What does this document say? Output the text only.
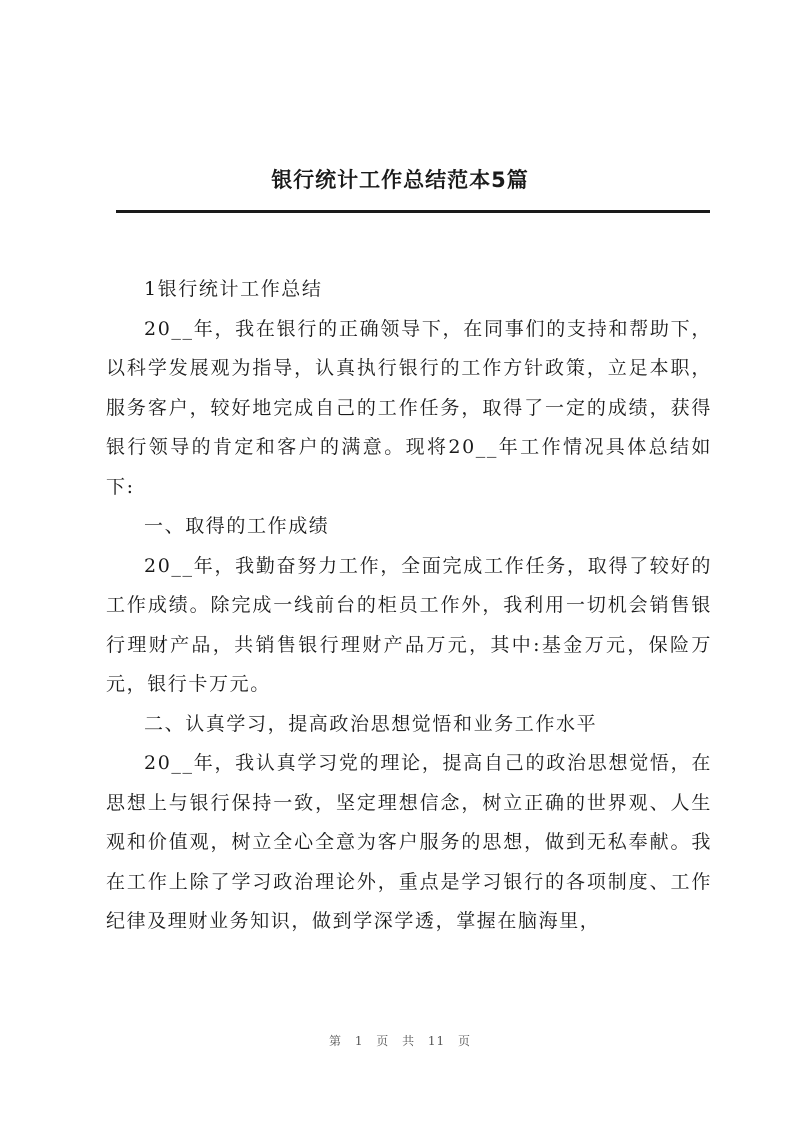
银行统计工作总结范本5篇

1银行统计工作总结

20__年，我在银行的正确领导下，在同事们的支持和帮助下，以科学发展观为指导，认真执行银行的工作方针政策，立足本职，服务客户，较好地完成自己的工作任务，取得了一定的成绩，获得银行领导的肯定和客户的满意。现将20__年工作情况具体总结如下:

一、取得的工作成绩

20__年，我勤奋努力工作，全面完成工作任务，取得了较好的工作成绩。除完成一线前台的柜员工作外，我利用一切机会销售银行理财产品，共销售银行理财产品万元，其中:基金万元，保险万元，银行卡万元。

二、认真学习，提高政治思想觉悟和业务工作水平

20__年，我认真学习党的理论，提高自己的政治思想觉悟，在思想上与银行保持一致，坚定理想信念，树立正确的世界观、人生观和价值观，树立全心全意为客户服务的思想，做到无私奉献。我在工作上除了学习政治理论外，重点是学习银行的各项制度、工作纪律及理财业务知识，做到学深学透，掌握在脑海里，

第 1 页 共 11 页
